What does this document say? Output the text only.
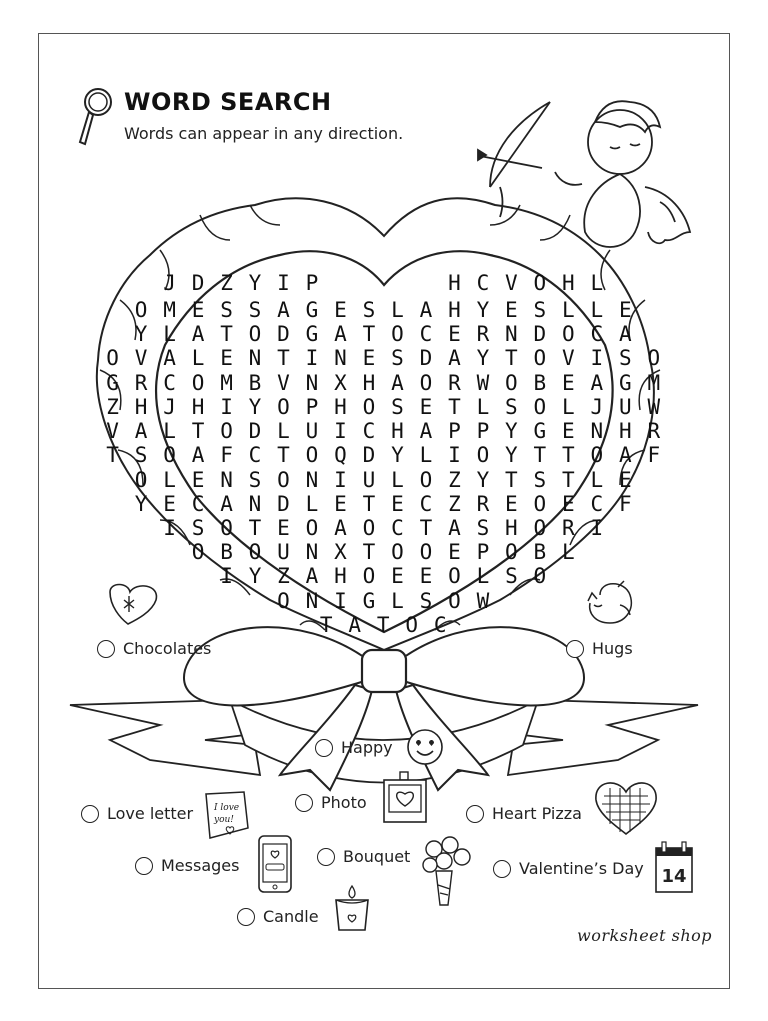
WORD SEARCH
Words can appear in any direction.
J D Z Y I P         H C V O H L
O M E S S A G E S L A H Y E S L L E
Y L A T O D G A T O C E R N D O C A
O V A L E N T I N E S D A Y T O V I S O
G R C O M B V N X H A O R W O B E A G M
Z H J H I Y O P H O S E T L S O L J U W
V A L T O D L U I C H A P P Y G E N H R
T S O A F C T O Q D Y L I O Y T T O A F
O L E N S O N I U L O Z Y T S T L E
Y E C A N D L E T E C Z R E O E C F
I S O T E O A O C T A S H O R I
O B O U N X T O O E P O B L
I Y Z A H O E E O L S O
O N I G L S O W
T A T O C
Chocolates	Hugs
Happy
Photo
Love letter	Heart Pizza
Messages	Bouquet
Valentine’s Day
Candle
I love
you!
14
worksheet shop
